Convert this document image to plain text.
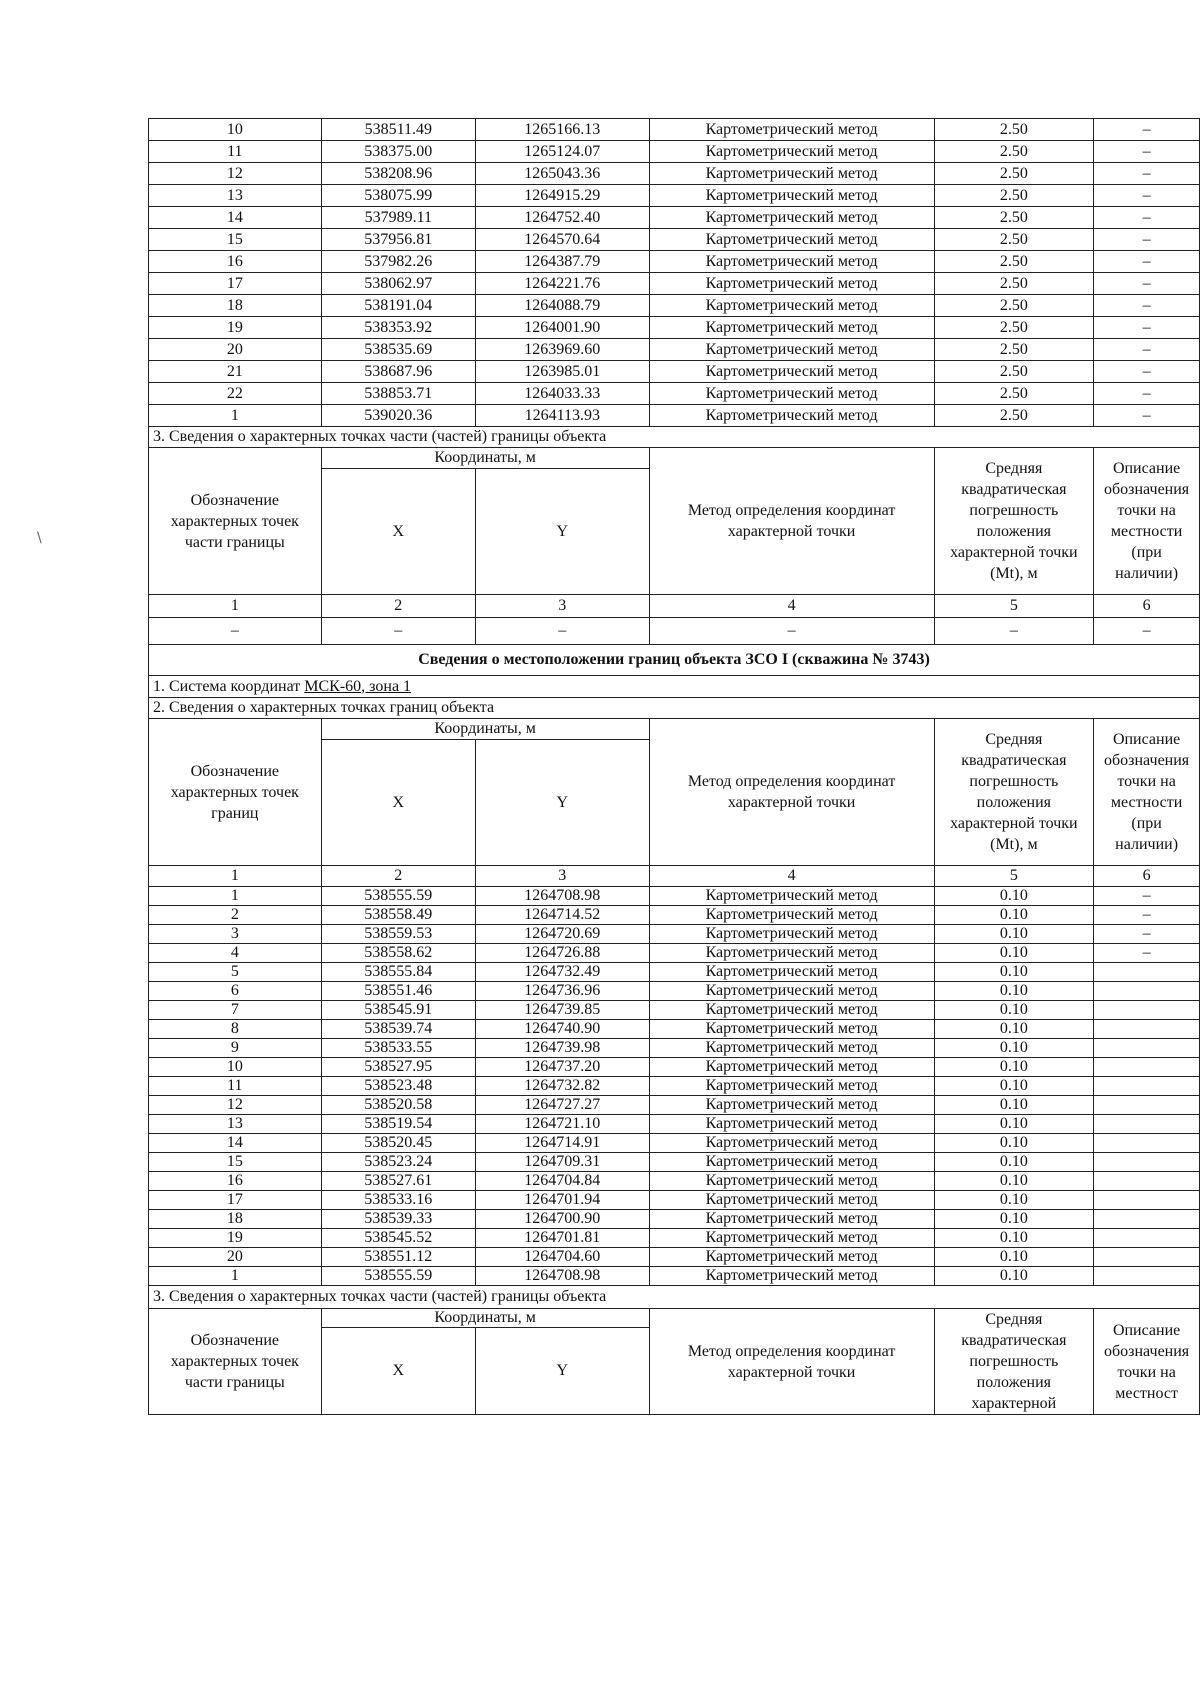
\
10	538511.49	1265166.13	Картометрический метод	2.50	–
11	538375.00	1265124.07	Картометрический метод	2.50	–
12	538208.96	1265043.36	Картометрический метод	2.50	–
13	538075.99	1264915.29	Картометрический метод	2.50	–
14	537989.11	1264752.40	Картометрический метод	2.50	–
15	537956.81	1264570.64	Картометрический метод	2.50	–
16	537982.26	1264387.79	Картометрический метод	2.50	–
17	538062.97	1264221.76	Картометрический метод	2.50	–
18	538191.04	1264088.79	Картометрический метод	2.50	–
19	538353.92	1264001.90	Картометрический метод	2.50	–
20	538535.69	1263969.60	Картометрический метод	2.50	–
21	538687.96	1263985.01	Картометрический метод	2.50	–
22	538853.71	1264033.33	Картометрический метод	2.50	–
1	539020.36	1264113.93	Картометрический метод	2.50	–
3. Сведения о характерных точках части (частей) границы объекта					
Обозначение характерных точек части границы	Координаты, м		Метод определения координат характерной точки	Средняя квадратическая погрешность положения характерной точки (Mt), м	Описание обозначения точки на местности (при наличии)
	X	Y			
1	2	3	4	5	6
–	–	–	–	–	–
Сведения о местоположении границ объекта ЗСО I (скважина № 3743)					
1. Система координат МСК-60, зона 1					
2. Сведения о характерных точках границ объекта					
Обозначение характерных точек границ	Координаты, м		Метод определения координат характерной точки	Средняя квадратическая погрешность положения характерной точки (Mt), м	Описание обозначения точки на местности (при наличии)
	X	Y			
1	2	3	4	5	6
1	538555.59	1264708.98	Картометрический метод	0.10	–
2	538558.49	1264714.52	Картометрический метод	0.10	–
3	538559.53	1264720.69	Картометрический метод	0.10	–
4	538558.62	1264726.88	Картометрический метод	0.10	–
5	538555.84	1264732.49	Картометрический метод	0.10	
6	538551.46	1264736.96	Картометрический метод	0.10	
7	538545.91	1264739.85	Картометрический метод	0.10	
8	538539.74	1264740.90	Картометрический метод	0.10	
9	538533.55	1264739.98	Картометрический метод	0.10	
10	538527.95	1264737.20	Картометрический метод	0.10	
11	538523.48	1264732.82	Картометрический метод	0.10	
12	538520.58	1264727.27	Картометрический метод	0.10	
13	538519.54	1264721.10	Картометрический метод	0.10	
14	538520.45	1264714.91	Картометрический метод	0.10	
15	538523.24	1264709.31	Картометрический метод	0.10	
16	538527.61	1264704.84	Картометрический метод	0.10	
17	538533.16	1264701.94	Картометрический метод	0.10	
18	538539.33	1264700.90	Картометрический метод	0.10	
19	538545.52	1264701.81	Картометрический метод	0.10	
20	538551.12	1264704.60	Картометрический метод	0.10	
1	538555.59	1264708.98	Картометрический метод	0.10	
3. Сведения о характерных точках части (частей) границы объекта					
Обозначение характерных точек части границы	Координаты, м		Метод определения координат характерной точки	Средняя квадратическая погрешность положения характерной	Описание обозначения точки на местност
	X	Y			
